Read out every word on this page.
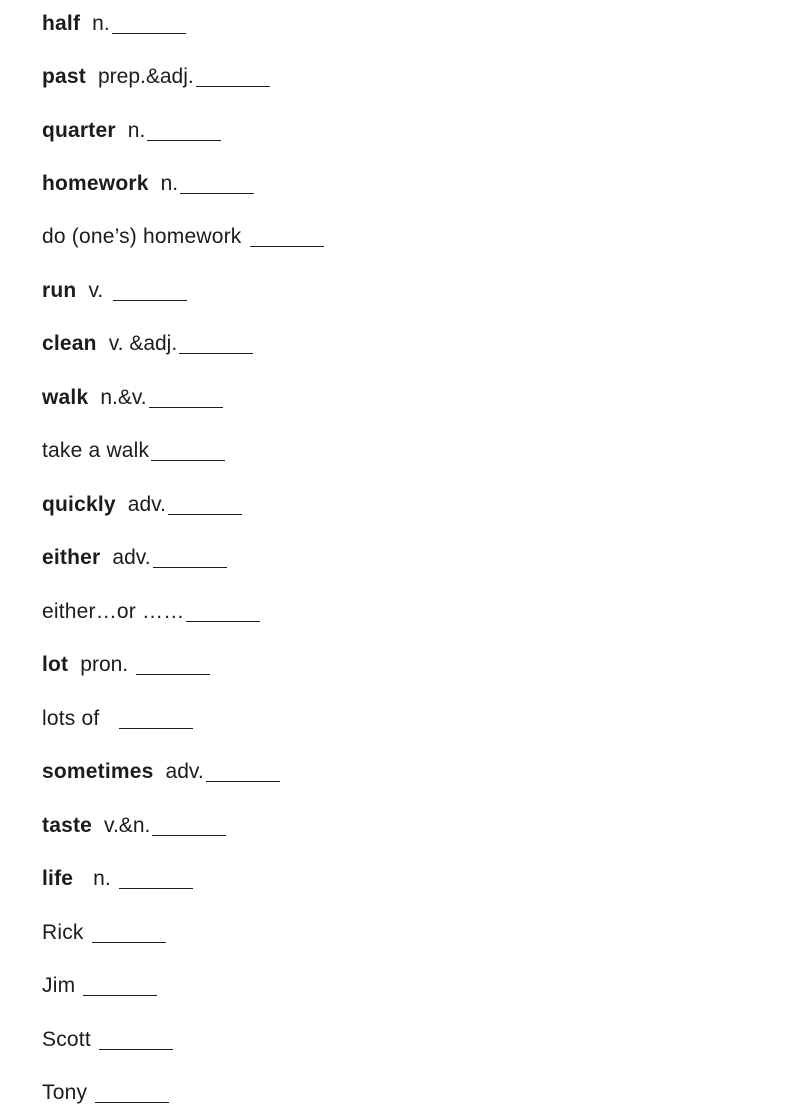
half n.
past prep.&adj.
quarter n.
homework n.
do (one’s) homework
run v.
clean v. &adj.
walk n.&v.
take a walk
quickly adv.
either adv.
either…or ……
lot pron.
lots of
sometimes adv.
taste v.&n.
life n.
Rick
Jim
Scott
Tony
